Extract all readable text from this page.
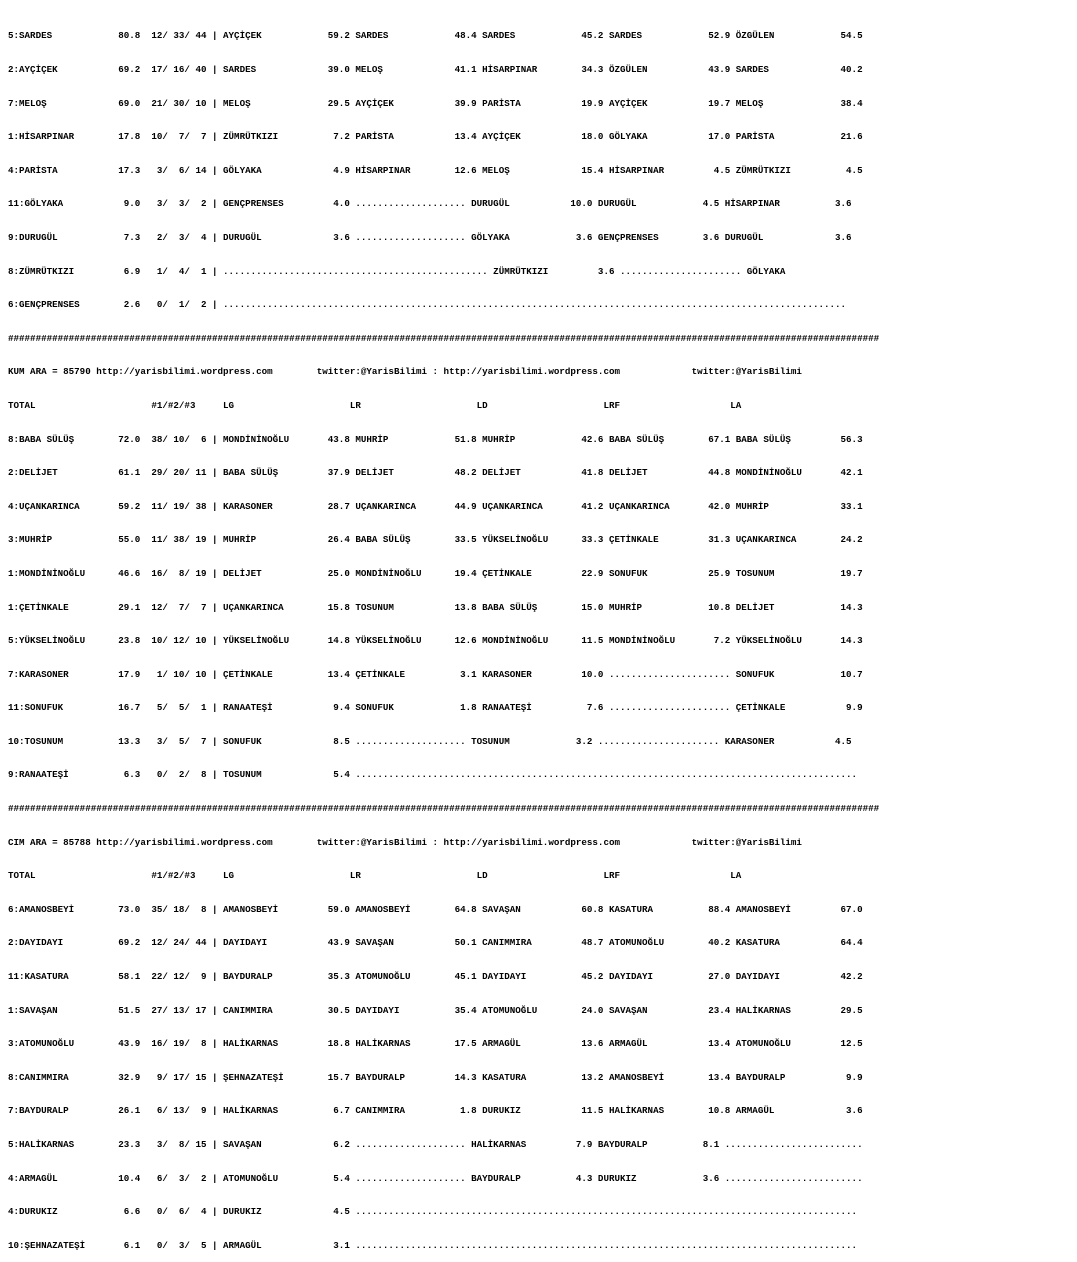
5:SARDES            80.8  12/ 33/ 44 | AYÇİÇEK            59.2 SARDES            48.4 SARDES            45.2 SARDES            52.9 ÖZGÜLEN            54.5

2:AYÇİÇEK           69.2  17/ 16/ 40 | SARDES             39.0 MELOŞ             41.1 HİSARPINAR        34.3 ÖZGÜLEN           43.9 SARDES             40.2

7:MELOŞ             69.0  21/ 30/ 10 | MELOŞ              29.5 AYÇİÇEK           39.9 PARİSTA           19.9 AYÇİÇEK           19.7 MELOŞ              38.4

1:HİSARPINAR        17.8  10/  7/  7 | ZÜMRÜTKIZI          7.2 PARİSTA           13.4 AYÇİÇEK           18.0 GÖLYAKA           17.0 PARİSTA            21.6

4:PARİSTA           17.3   3/  6/ 14 | GÖLYAKA             4.9 HİSARPINAR        12.6 MELOŞ             15.4 HİSARPINAR         4.5 ZÜMRÜTKIZI          4.5

11:GÖLYAKA           9.0   3/  3/  2 | GENÇPRENSES         4.0 .................... DURUGÜL           10.0 DURUGÜL            4.5 HİSARPINAR          3.6

9:DURUGÜL            7.3   2/  3/  4 | DURUGÜL             3.6 .................... GÖLYAKA            3.6 GENÇPRENSES        3.6 DURUGÜL             3.6

8:ZÜMRÜTKIZI         6.9   1/  4/  1 | ................................................ ZÜMRÜTKIZI         3.6 ...................... GÖLYAKA

6:GENÇPRENSES        2.6   0/  1/  2 | .................................................................................................................

##############################################################################################################################################################

KUM ARA = 85790 http://yarisbilimi.wordpress.com        twitter:@YarisBilimi : http://yarisbilimi.wordpress.com             twitter:@YarisBilimi

TOTAL                     #1/#2/#3     LG                     LR                     LD                     LRF                    LA

8:BABA SÜLÜŞ        72.0  38/ 10/  6 | MONDİNİNOĞLU       43.8 MUHRİP            51.8 MUHRİP            42.6 BABA SÜLÜŞ        67.1 BABA SÜLÜŞ         56.3

2:DELİJET           61.1  29/ 20/ 11 | BABA SÜLÜŞ         37.9 DELİJET           48.2 DELİJET           41.8 DELİJET           44.8 MONDİNİNOĞLU       42.1

4:UÇANKARINCA       59.2  11/ 19/ 38 | KARASONER          28.7 UÇANKARINCA       44.9 UÇANKARINCA       41.2 UÇANKARINCA       42.0 MUHRİP             33.1

3:MUHRİP            55.0  11/ 38/ 19 | MUHRİP             26.4 BABA SÜLÜŞ        33.5 YÜKSELİNOĞLU      33.3 ÇETİNKALE         31.3 UÇANKARINCA        24.2

1:MONDİNİNOĞLU      46.6  16/  8/ 19 | DELİJET            25.0 MONDİNİNOĞLU      19.4 ÇETİNKALE         22.9 SONUFUK           25.9 TOSUNUM            19.7

1:ÇETİNKALE         29.1  12/  7/  7 | UÇANKARINCA        15.8 TOSUNUM           13.8 BABA SÜLÜŞ        15.0 MUHRİP            10.8 DELİJET            14.3

5:YÜKSELİNOĞLU      23.8  10/ 12/ 10 | YÜKSELİNOĞLU       14.8 YÜKSELİNOĞLU      12.6 MONDİNİNOĞLU      11.5 MONDİNİNOĞLU       7.2 YÜKSELİNOĞLU       14.3

7:KARASONER         17.9   1/ 10/ 10 | ÇETİNKALE          13.4 ÇETİNKALE          3.1 KARASONER         10.0 ...................... SONUFUK            10.7

11:SONUFUK          16.7   5/  5/  1 | RANAATEŞİ           9.4 SONUFUK            1.8 RANAATEŞİ          7.6 ...................... ÇETİNKALE           9.9

10:TOSUNUM          13.3   3/  5/  7 | SONUFUK             8.5 .................... TOSUNUM            3.2 ...................... KARASONER           4.5

9:RANAATEŞİ          6.3   0/  2/  8 | TOSUNUM             5.4 ...........................................................................................

##############################################################################################################################################################

CIM ARA = 85788 http://yarisbilimi.wordpress.com        twitter:@YarisBilimi : http://yarisbilimi.wordpress.com             twitter:@YarisBilimi

TOTAL                     #1/#2/#3     LG                     LR                     LD                     LRF                    LA

6:AMANOSBEYİ        73.0  35/ 18/  8 | AMANOSBEYİ         59.0 AMANOSBEYİ        64.8 SAVAŞAN           60.8 KASATURA          88.4 AMANOSBEYİ         67.0

2:DAYIDAYI          69.2  12/ 24/ 44 | DAYIDAYI           43.9 SAVAŞAN           50.1 CANIMMIRA         48.7 ATOMUNOĞLU        40.2 KASATURA           64.4

11:KASATURA         58.1  22/ 12/  9 | BAYDURALP          35.3 ATOMUNOĞLU        45.1 DAYIDAYI          45.2 DAYIDAYI          27.0 DAYIDAYI           42.2

1:SAVAŞAN           51.5  27/ 13/ 17 | CANIMMIRA          30.5 DAYIDAYI          35.4 ATOMUNOĞLU        24.0 SAVAŞAN           23.4 HALİKARNAS         29.5

3:ATOMUNOĞLU        43.9  16/ 19/  8 | HALİKARNAS         18.8 HALİKARNAS        17.5 ARMAGÜL           13.6 ARMAGÜL           13.4 ATOMUNOĞLU         12.5

8:CANIMMIRA         32.9   9/ 17/ 15 | ŞEHNAZATEŞİ        15.7 BAYDURALP         14.3 KASATURA          13.2 AMANOSBEYİ        13.4 BAYDURALP           9.9

7:BAYDURALP         26.1   6/ 13/  9 | HALİKARNAS          6.7 CANIMMIRA          1.8 DURUKIZ           11.5 HALİKARNAS        10.8 ARMAGÜL             3.6

5:HALİKARNAS        23.3   3/  8/ 15 | SAVAŞAN             6.2 .................... HALİKARNAS         7.9 BAYDURALP          8.1 .........................

4:ARMAGÜL           10.4   6/  3/  2 | ATOMUNOĞLU          5.4 .................... BAYDURALP          4.3 DURUKIZ            3.6 .........................

4:DURUKIZ            6.6   0/  6/  4 | DURUKIZ             4.5 ...........................................................................................

10:ŞEHNAZATEŞİ       6.1   0/  3/  5 | ARMAGÜL             3.1 ...........................................................................................
